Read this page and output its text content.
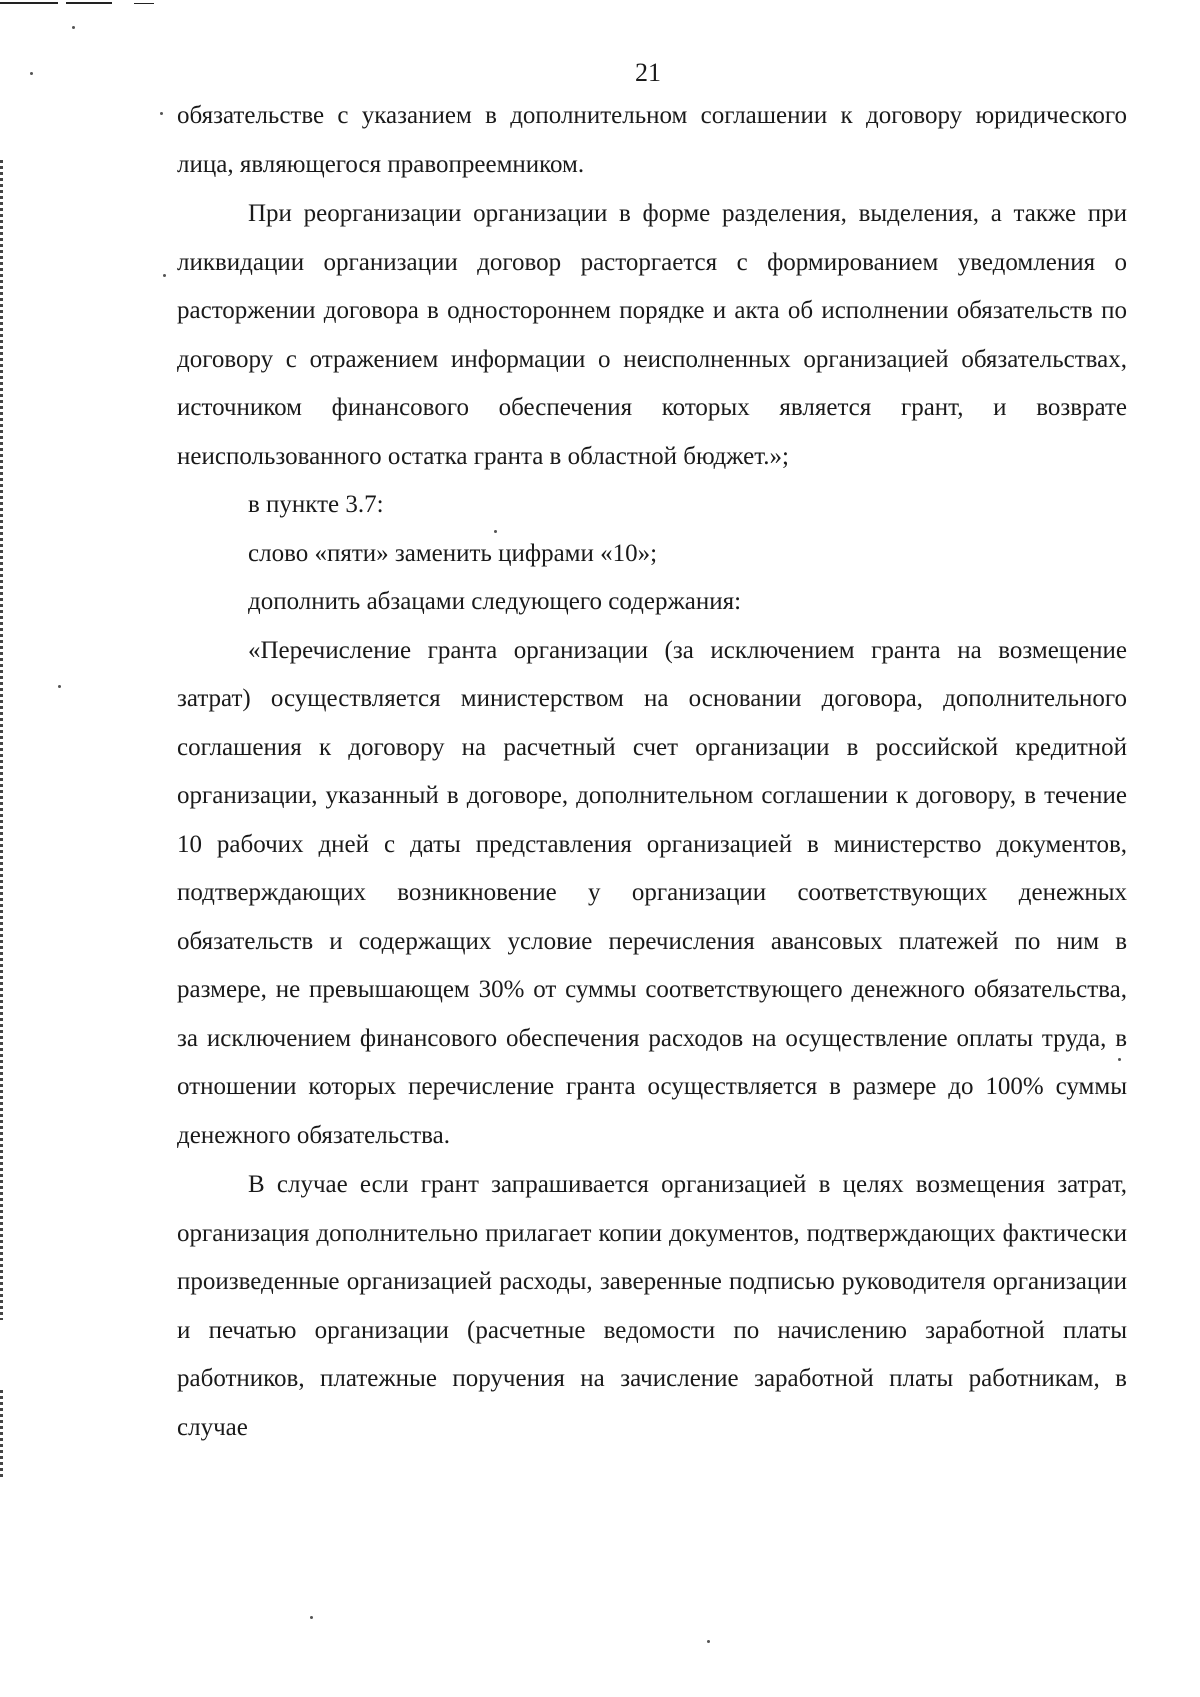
21

обязательстве с указанием в дополнительном соглашении к договору юридического лица, являющегося правопреемником.

При реорганизации организации в форме разделения, выделения, а также при ликвидации организации договор расторгается с формированием уведомления о расторжении договора в одностороннем порядке и акта об исполнении обязательств по договору с отражением информации о неисполненных организацией обязательствах, источником финансового обеспечения которых является грант, и возврате неиспользованного остатка гранта в областной бюджет.»;

в пункте 3.7:

слово «пяти» заменить цифрами «10»;

дополнить абзацами следующего содержания:

«Перечисление гранта организации (за исключением гранта на возмещение затрат) осуществляется министерством на основании договора, дополнительного соглашения к договору на расчетный счет организации в российской кредитной организации, указанный в договоре, дополнительном соглашении к договору, в течение 10 рабочих дней с даты представления организацией в министерство документов, подтверждающих возникновение у организации соответствующих денежных обязательств и содержащих условие перечисления авансовых платежей по ним в размере, не превышающем 30% от суммы соответствующего денежного обязательства, за исключением финансового обеспечения расходов на осуществление оплаты труда, в отношении которых перечисление гранта осуществляется в размере до 100% суммы денежного обязательства.

В случае если грант запрашивается организацией в целях возмещения затрат, организация дополнительно прилагает копии документов, подтверждающих фактически произведенные организацией расходы, заверенные подписью руководителя организации и печатью организации (расчетные ведомости по начислению заработной платы работников, платежные поручения на зачисление заработной платы работникам, в случае
